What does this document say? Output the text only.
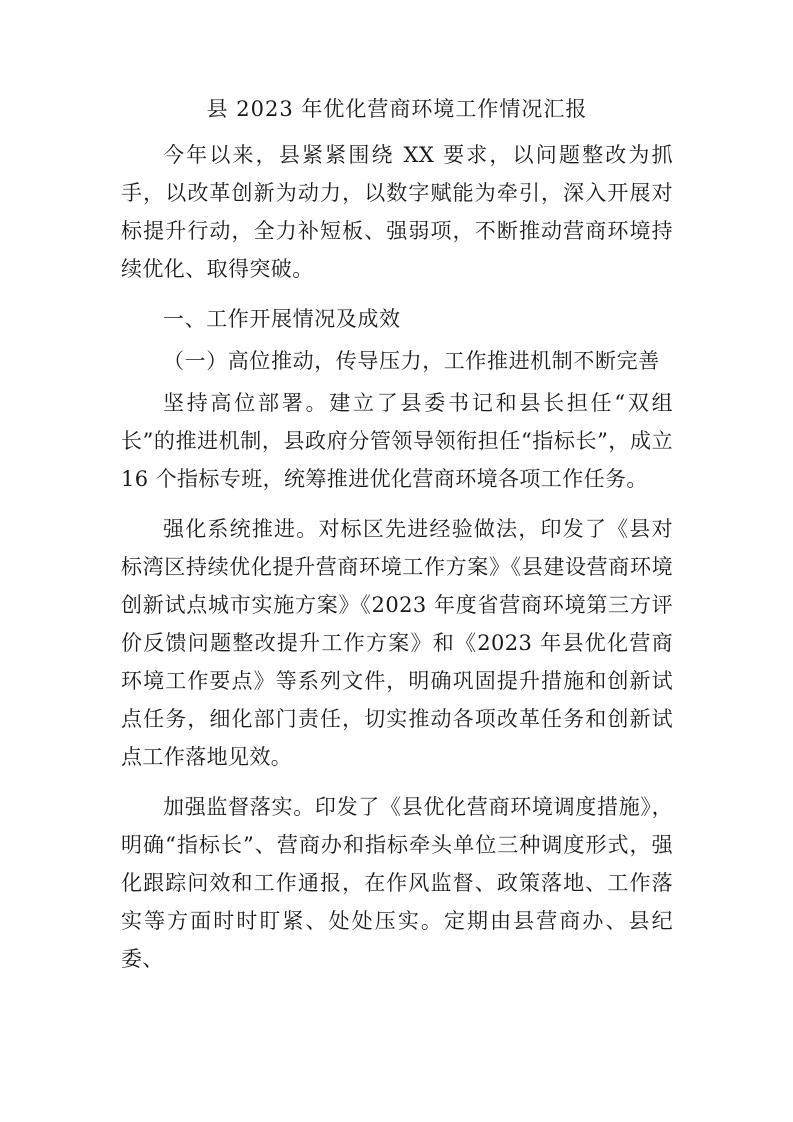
县 2023 年优化营商环境工作情况汇报

今年以来，县紧紧围绕 XX 要求，以问题整改为抓手，以改革创新为动力，以数字赋能为牵引，深入开展对标提升行动，全力补短板、强弱项，不断推动营商环境持续优化、取得突破。

一、工作开展情况及成效
（一）高位推动，传导压力，工作推进机制不断完善

坚持高位部署。建立了县委书记和县长担任“双组长”的推进机制，县政府分管领导领衔担任“指标长”，成立 16 个指标专班，统筹推进优化营商环境各项工作任务。

强化系统推进。对标区先进经验做法，印发了《县对标湾区持续优化提升营商环境工作方案》《县建设营商环境创新试点城市实施方案》《2023 年度省营商环境第三方评价反馈问题整改提升工作方案》和《2023 年县优化营商环境工作要点》等系列文件，明确巩固提升措施和创新试点任务，细化部门责任，切实推动各项改革任务和创新试点工作落地见效。

加强监督落实。印发了《县优化营商环境调度措施》，明确“指标长”、营商办和指标牵头单位三种调度形式，强化跟踪问效和工作通报，在作风监督、政策落地、工作落实等方面时时盯紧、处处压实。定期由县营商办、县纪委、
